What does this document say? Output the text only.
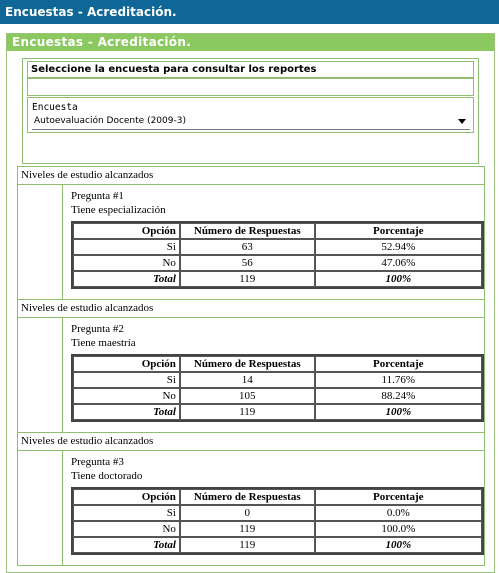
Encuestas - Acreditación.
Encuestas - Acreditación.
Seleccione la encuesta para consultar los reportes
Encuesta
Autoevaluación Docente (2009-3)
Niveles de estudio alcanzados
Pregunta #1
Tiene especialización
Opción	Número de Respuestas	Porcentaje
Si	63	52.94%
No	56	47.06%
Total	119	100%
Niveles de estudio alcanzados
Pregunta #2
Tiene maestría
Opción	Número de Respuestas	Porcentaje
Si	14	11.76%
No	105	88.24%
Total	119	100%
Niveles de estudio alcanzados
Pregunta #3
Tiene doctorado
Opción	Número de Respuestas	Porcentaje
Si	0	0.0%
No	119	100.0%
Total	119	100%
